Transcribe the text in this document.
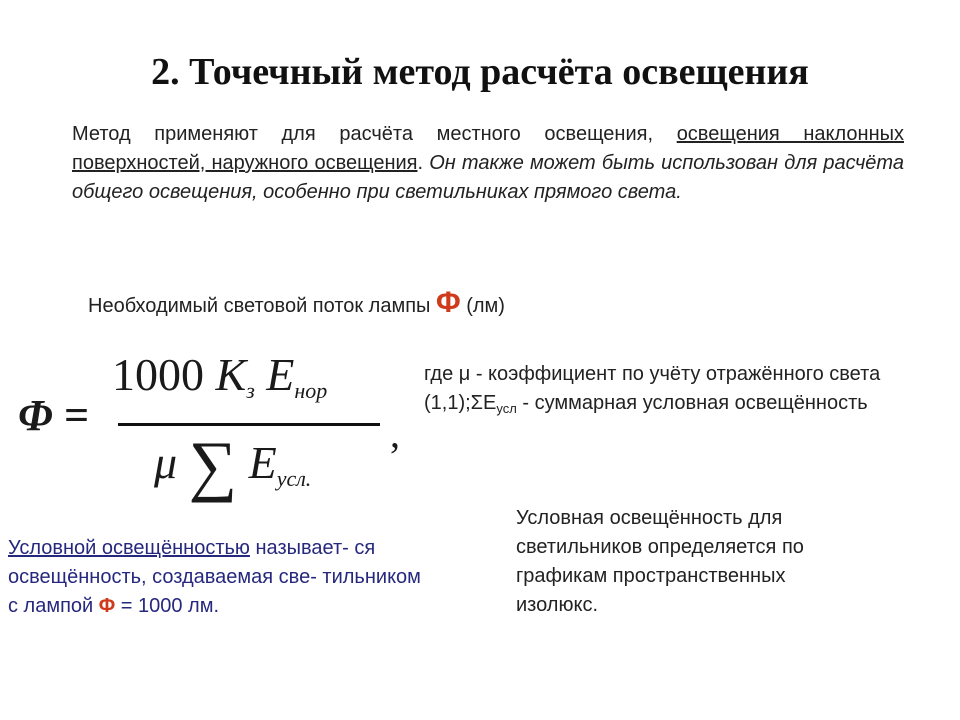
2. Точечный метод расчёта освещения
Метод применяют для расчёта местного освещения, освещения наклонных поверхностей, наружного освещения. Он также может быть использован для расчёта общего освещения, особенно при светильниках прямого света.
Необходимый световой поток лампы Φ (лм)
Φ =
1000 $K_з$ $E_{нор}$
μ ∑ $E_{усл.}$
,
где μ - коэффициент по учёту отражённого света $(1,1);\Sigma E_{усл}$ - суммарная условная освещённость
Условной освещённостью называет- ся освещённость, создаваемая све- тильником с лампой Φ = 1000 лм.
Условная освещённость для светильников определяется по графикам пространственных изолюкс.
